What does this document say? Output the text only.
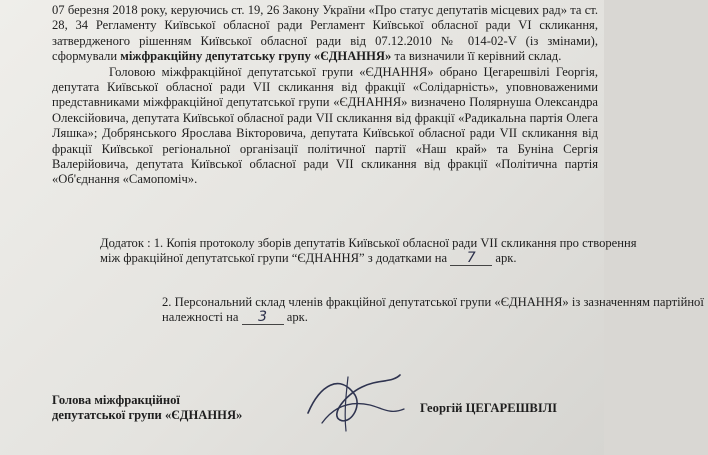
07 березня 2018 року, керуючись ст. 19, 26 Закону України «Про статус депутатів місцевих рад» та ст. 28, 34 Регламенту Київської обласної ради Регламент Київської обласної ради VI скликання, затвердженого рішенням Київської обласної ради від 07.12.2010 № 014-02-V (із змінами), сформували міжфракційну депутатську групу «ЄДНАННЯ» та визначили її керівний склад.

Головою міжфракційної депутатської групи «ЄДНАННЯ» обрано Цегарешвілі Георгія, депутата Київської обласної ради VII скликання від фракції «Солідарність», уповноваженими представниками міжфракційної депутатської групи «ЄДНАННЯ» визначено Полярнуша Олександра Олексійовича, депутата Київської обласної ради VII скликання від фракції «Радикальна партія Олега Ляшка»; Добрянського Ярослава Вікторовича, депутата Київської обласної ради VII скликання від фракції Київської регіональної організації політичної партії «Наш край» та Буніна Сергія Валерійовича, депутата Київської обласної ради VII скликання від фракції «Політична партія «Об'єднання «Самопоміч».

Додаток : 1. Копія протоколу зборів депутатів Київської обласної ради VII скликання про створення між фракційної депутатської групи “ЄДНАННЯ” з додатками на 7 арк.
2. Персональний склад членів фракційної депутатської групи «ЄДНАННЯ» із зазначенням партійної належності на 3 арк.
Голова міжфракційної
депутатської групи «ЄДНАННЯ»
Георгій ЦЕГАРЕШВІЛІ
